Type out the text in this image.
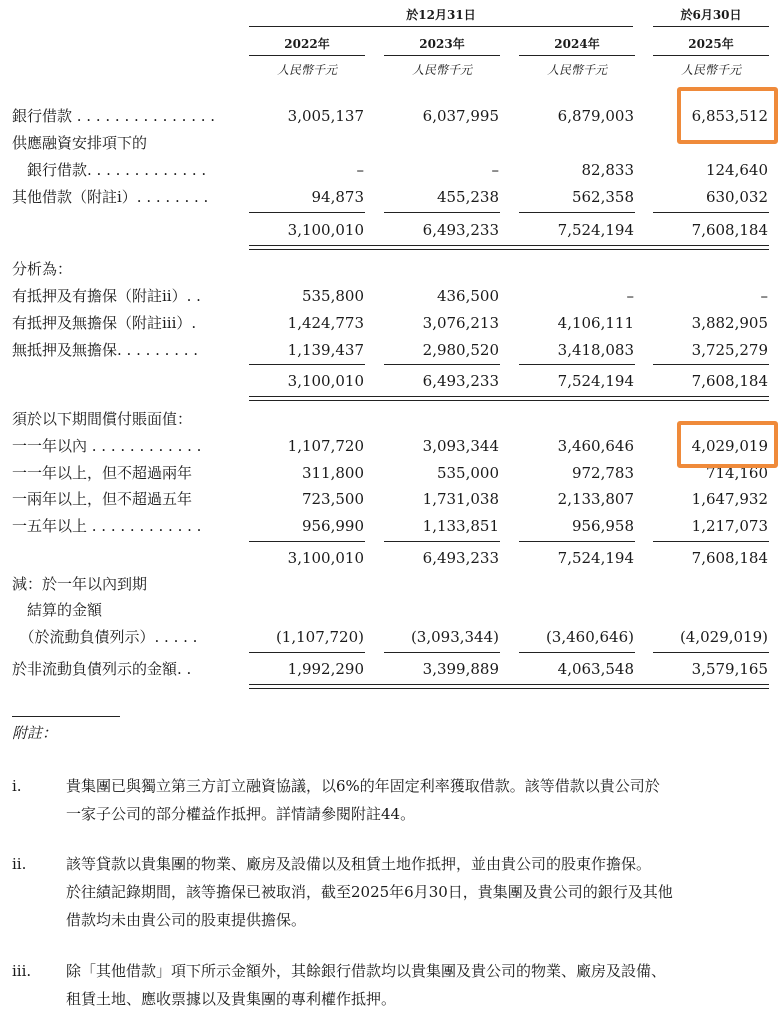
於12月31日	於6月30日
2022年	2023年	2024年	2025年
人民幣千元	人民幣千元	人民幣千元	人民幣千元
銀行借款 . . . . . . . . . . . . . . .	3,005,137	6,037,995	6,879,003	6,853,512
供應融資安排項下的
　銀行借款. . . . . . . . . . . . .	–	–	82,833	124,640
其他借款（附註i）. . . . . . . .	94,873	455,238	562,358	630,032
3,100,010	6,493,233	7,524,194	7,608,184
分析為：
有抵押及有擔保（附註ii）. .	535,800	436,500	–	–
有抵押及無擔保（附註iii）.	1,424,773	3,076,213	4,106,111	3,882,905
無抵押及無擔保. . . . . . . . .	1,139,437	2,980,520	3,418,083	3,725,279
3,100,010	6,493,233	7,524,194	7,608,184
須於以下期間償付賬面值：
一一年以內 . . . . . . . . . . . .	1,107,720	3,093,344	3,460,646	4,029,019
一一年以上，但不超過兩年	311,800	535,000	972,783	714,160
一兩年以上，但不超過五年	723,500	1,731,038	2,133,807	1,647,932
一五年以上 . . . . . . . . . . . .	956,990	1,133,851	956,958	1,217,073
3,100,010	6,493,233	7,524,194	7,608,184
減：於一年以內到期
　結算的金額
　（於流動負債列示）. . . . .	(1,107,720)	(3,093,344)	(3,460,646)	(4,029,019)
於非流動負債列示的金額. .	1,992,290	3,399,889	4,063,548	3,579,165
附註：
i.	貴集團已與獨立第三方訂立融資協議，以6%的年固定利率獲取借款。該等借款以貴公司於
一家子公司的部分權益作抵押。詳情請參閱附註44。
ii.	該等貸款以貴集團的物業、廠房及設備以及租賃土地作抵押，並由貴公司的股東作擔保。
於往績記錄期間，該等擔保已被取消，截至2025年6月30日，貴集團及貴公司的銀行及其他
借款均未由貴公司的股東提供擔保。
iii. 除「其他借款」項下所示金額外，其餘銀行借款均以貴集團及貴公司的物業、廠房及設備、
租賃土地、應收票據以及貴集團的專利權作抵押。
